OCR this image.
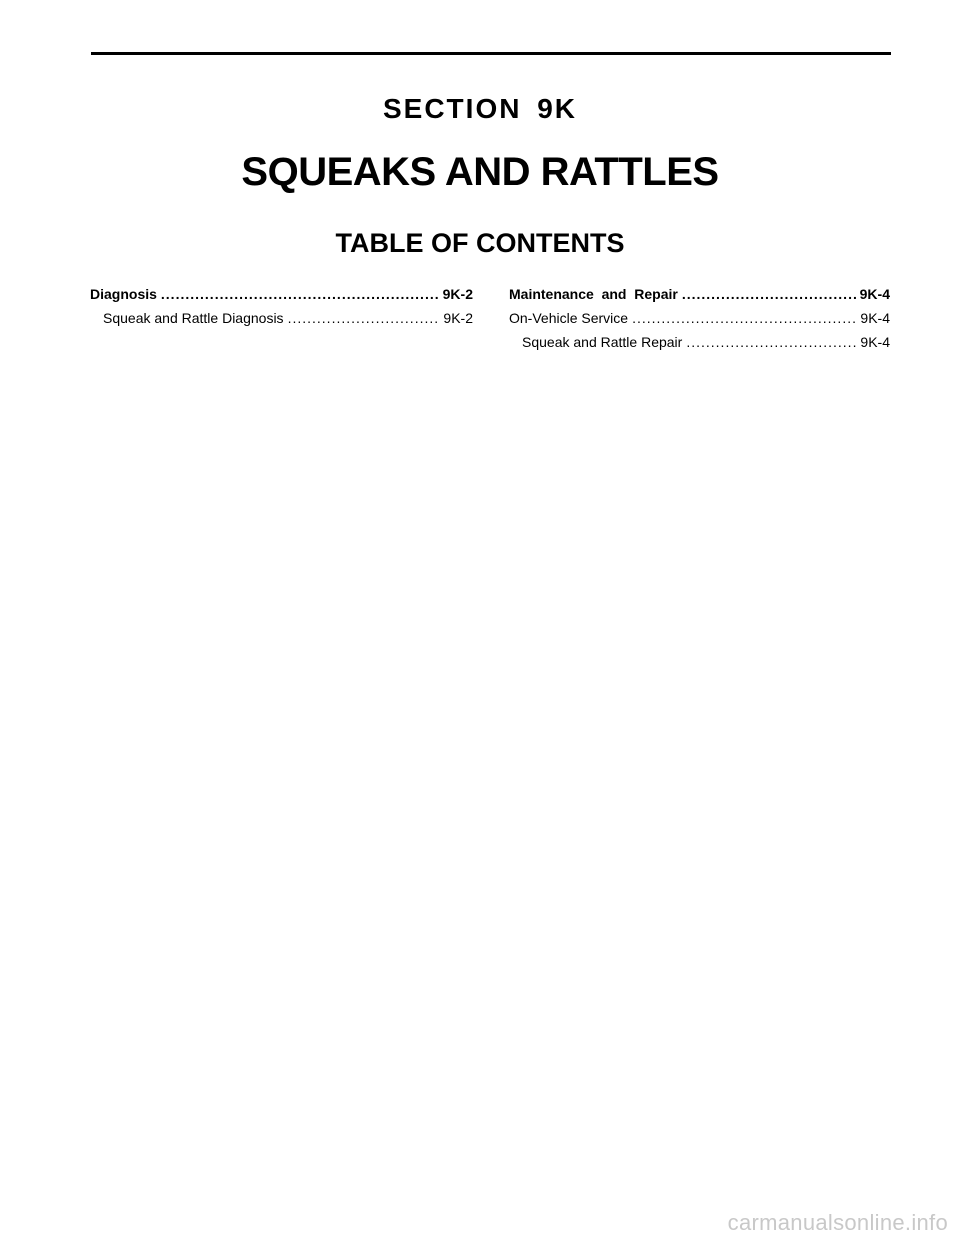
SECTION 9K
SQUEAKS AND RATTLES
TABLE OF CONTENTS
Diagnosis .....	9K-2
Squeak and Rattle Diagnosis .....	9K-2
Maintenance  and  Repair .....	9K-4
On-Vehicle Service .....	9K-4
Squeak and Rattle Repair .....	9K-4
carmanualsonline.info
